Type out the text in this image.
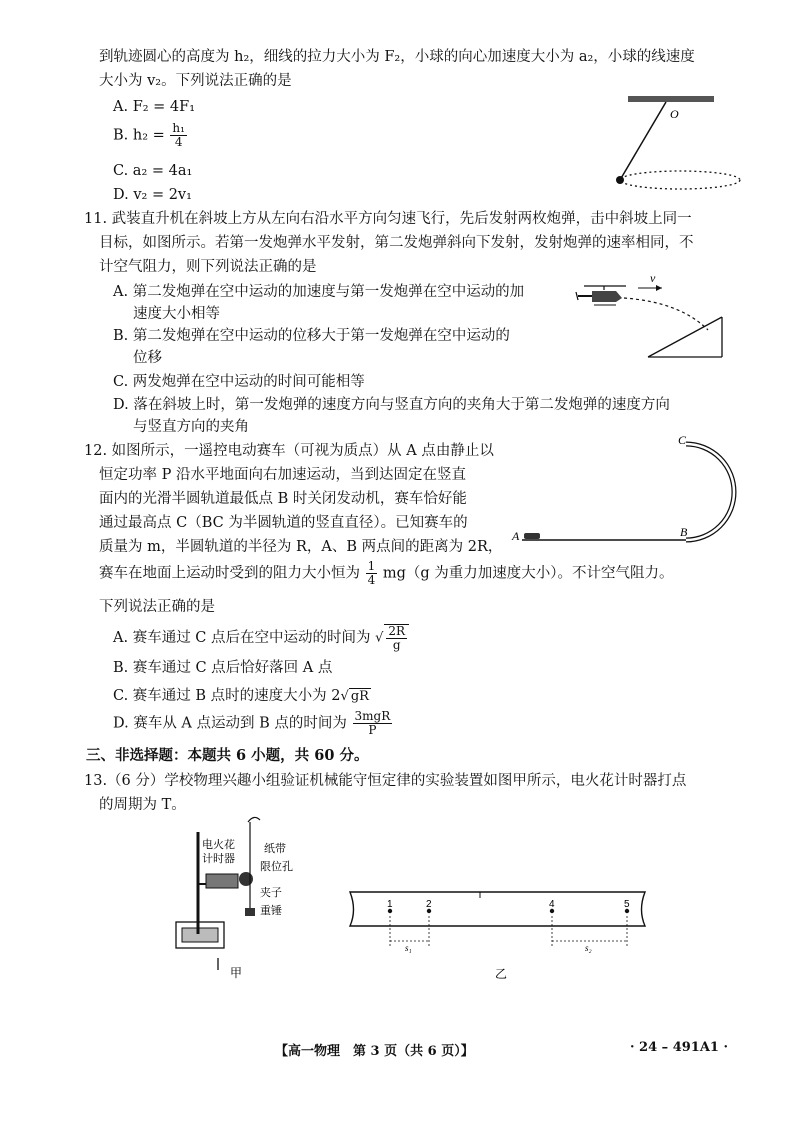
到轨迹圆心的高度为 h₂，细线的拉力大小为 F₂，小球的向心加速度大小为 a₂，小球的线速度
大小为 v₂。下列说法正确的是
A. F₂ = 4F₁
B. $h_2 = \frac{\text{h₁}}{4}$
C. a₂ = 4a₁
D. v₂ = 2v₁
O
11. 武装直升机在斜坡上方从左向右沿水平方向匀速飞行，先后发射两枚炮弹，击中斜坡上同一
目标，如图所示。若第一发炮弹水平发射，第二发炮弹斜向下发射，发射炮弹的速率相同，不
计空气阻力，则下列说法正确的是
A. 第二发炮弹在空中运动的加速度与第一发炮弹在空中运动的加
速度大小相等
B. 第二发炮弹在空中运动的位移大于第一发炮弹在空中运动的
位移
C. 两发炮弹在空中运动的时间可能相等
D. 落在斜坡上时，第一发炮弹的速度方向与竖直方向的夹角大于第二发炮弹的速度方向
与竖直方向的夹角
v
12. 如图所示，一遥控电动赛车（可视为质点）从 A 点由静止以
恒定功率 P 沿水平地面向右加速运动，当到达固定在竖直
面内的光滑半圆轨道最低点 B 时关闭发动机，赛车恰好能
通过最高点 C（BC 为半圆轨道的竖直直径）。已知赛车的
质量为 m，半圆轨道的半径为 R，A、B 两点间的距离为 2R，
赛车在地面上运动时受到的阻力大小恒为 $\frac{1}{4} mg(g$ 为重力加速度大小）。不计空气阻力。
下列说法正确的是
A. 赛车通过 C 点后在空中运动的时间为 √ $\frac{2R}{g}$
B. 赛车通过 C 点后恰好落回 A 点
C. 赛车通过 B 点时的速度大小为 2√ gR
D. 赛车从 A 点运动到 B 点的时间为 $\frac{\text{3mgR}}{P}$
A	B
C
三、非选择题：本题共 6 小题，共 60 分。
13.（6 分）学校物理兴趣小组验证机械能守恒定律的实验装置如图甲所示，电火花计时器打点
的周期为 T。
电火花
计时器
纸带
限位孔
夹子
重锤
甲
1	2	4	5
s₁	s₂
乙
【高一物理　第 3 页（共 6 页）】	· 24 – 491A1 ·
